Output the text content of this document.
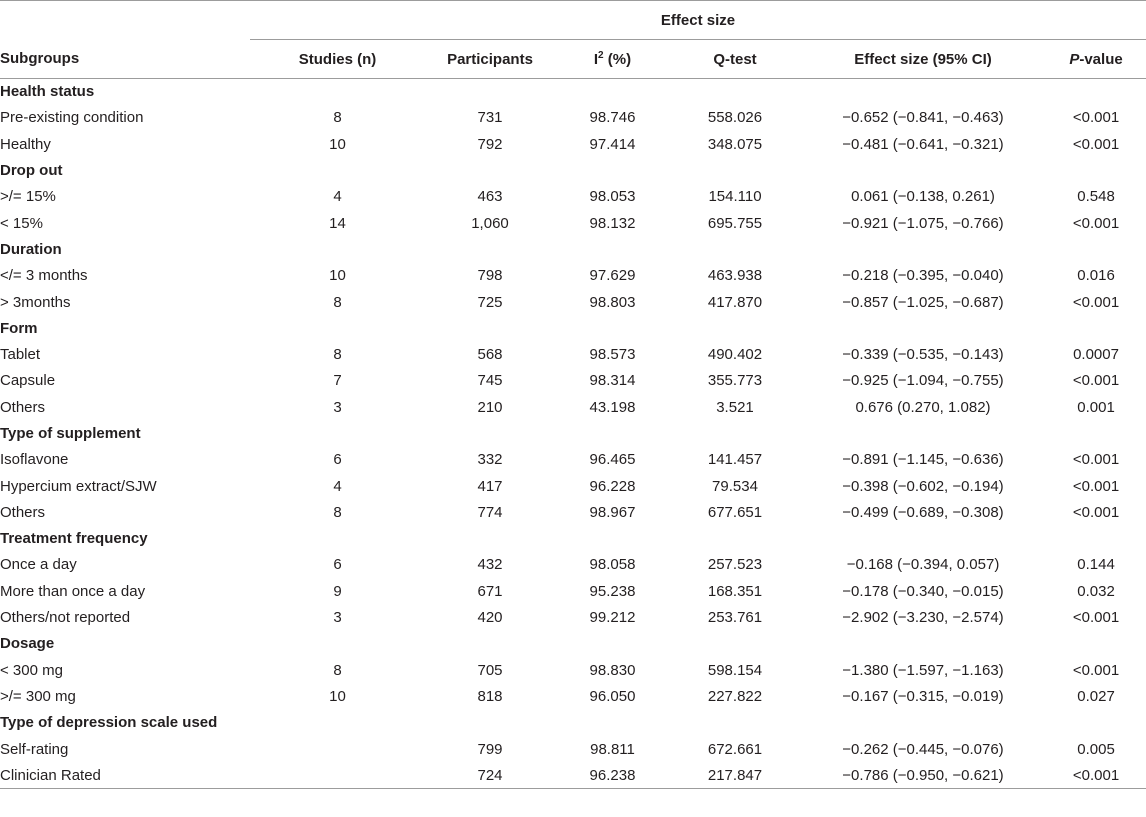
	Effect size					
Subgroups	Studies (n)	Participants	$I^2$ (%)	Q-test	Effect size (95% CI)	P-value
Health status						
Pre-existing condition	8	731	98.746	558.026	−0.652 (−0.841, −0.463)	<0.001
Healthy	10	792	97.414	348.075	−0.481 (−0.641, −0.321)	<0.001
Drop out						
>/= 15%	4	463	98.053	154.110	0.061 (−0.138, 0.261)	0.548
< 15%	14	1,060	98.132	695.755	−0.921 (−1.075, −0.766)	<0.001
Duration						
</= 3 months	10	798	97.629	463.938	−0.218 (−0.395, −0.040)	0.016
> 3months	8	725	98.803	417.870	−0.857 (−1.025, −0.687)	<0.001
Form						
Tablet	8	568	98.573	490.402	−0.339 (−0.535, −0.143)	0.0007
Capsule	7	745	98.314	355.773	−0.925 (−1.094, −0.755)	<0.001
Others	3	210	43.198	3.521	0.676 (0.270, 1.082)	0.001
Type of supplement						
Isoflavone	6	332	96.465	141.457	−0.891 (−1.145, −0.636)	<0.001
Hypercium extract/SJW	4	417	96.228	79.534	−0.398 (−0.602, −0.194)	<0.001
Others	8	774	98.967	677.651	−0.499 (−0.689, −0.308)	<0.001
Treatment frequency						
Once a day	6	432	98.058	257.523	−0.168 (−0.394, 0.057)	0.144
More than once a day	9	671	95.238	168.351	−0.178 (−0.340, −0.015)	0.032
Others/not reported	3	420	99.212	253.761	−2.902 (−3.230, −2.574)	<0.001
Dosage						
< 300 mg	8	705	98.830	598.154	−1.380 (−1.597, −1.163)	<0.001
>/= 300 mg	10	818	96.050	227.822	−0.167 (−0.315, −0.019)	0.027
Type of depression scale used						
Self-rating		799	98.811	672.661	−0.262 (−0.445, −0.076)	0.005
Clinician Rated		724	96.238	217.847	−0.786 (−0.950, −0.621)	<0.001
